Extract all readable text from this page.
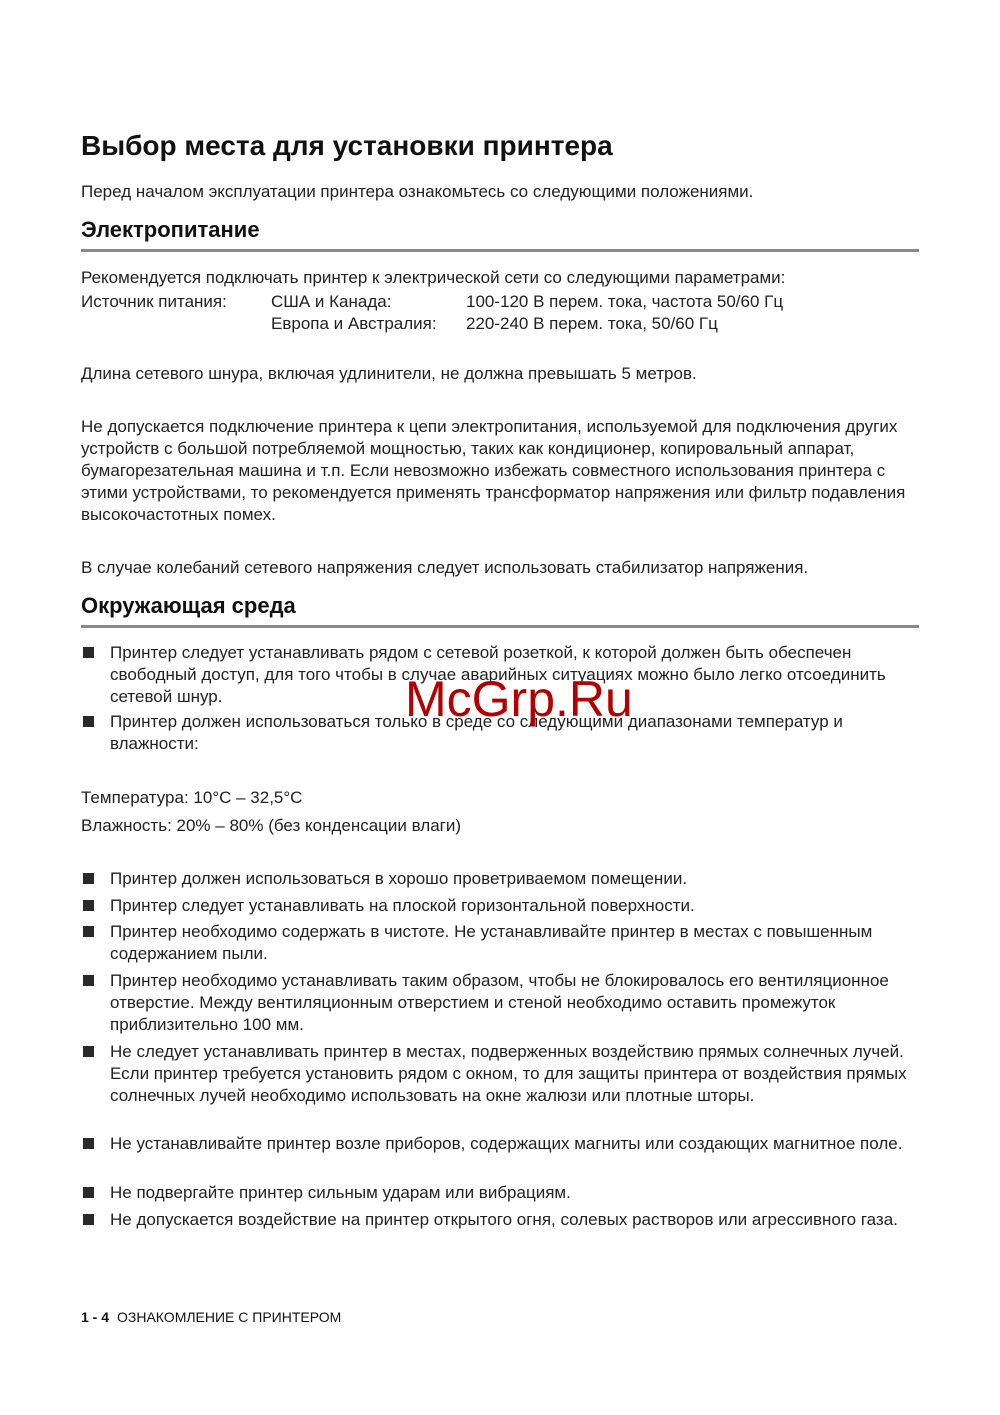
Выбор места для установки принтера
Перед началом эксплуатации принтера ознакомьтесь со следующими положениями.
Электропитание
Рекомендуется подключать принтер к электрической сети со следующими параметрами:
Источник питания:	США и Канада:	100-120 В перем. тока, частота 50/60 Гц
Европа и Австралия: 220-240 В перем. тока, 50/60 Гц
Длина сетевого шнура, включая удлинители, не должна превышать 5 метров.
Не допускается подключение принтера к цепи электропитания, используемой для подключения других устройств с большой потребляемой мощностью, таких как кондиционер, копировальный аппарат, бумагорезательная машина и т.п. Если невозможно избежать совместного использования принтера с этими устройствами, то рекомендуется применять трансформатор напряжения или фильтр подавления высокочастотных помех.
В случае колебаний сетевого напряжения следует использовать стабилизатор напряжения.
Окружающая среда
Принтер следует устанавливать рядом с сетевой розеткой, к которой должен быть обеспечен свободный доступ, для того чтобы в случае аварийных ситуациях можно было легко отсоединить сетевой шнур.
Принтер должен использоваться только в среде со следующими диапазонами температур и влажности:
Температура: 10°C – 32,5°C
Влажность: 20% – 80% (без конденсации влаги)
Принтер должен использоваться в хорошо проветриваемом помещении.
Принтер следует устанавливать на плоской горизонтальной поверхности.
Принтер необходимо содержать в чистоте. Не устанавливайте принтер в местах с повышенным содержанием пыли.
Принтер необходимо устанавливать таким образом, чтобы не блокировалось его вентиляционное отверстие. Между вентиляционным отверстием и стеной необходимо оставить промежуток приблизительно 100 мм.
Не следует устанавливать принтер в местах, подверженных воздействию прямых солнечных лучей. Если принтер требуется установить рядом с окном, то для защиты принтера от воздействия прямых солнечных лучей необходимо использовать на окне жалюзи или плотные шторы.
Не устанавливайте принтер возле приборов, содержащих магниты или создающих магнитное поле.
Не подвергайте принтер сильным ударам или вибрациям.
Не допускается воздействие на принтер открытого огня, солевых растворов или агрессивного газа.
McGrp.Ru
1 - 4 ОЗНАКОМЛЕНИЕ С ПРИНТЕРОМ
